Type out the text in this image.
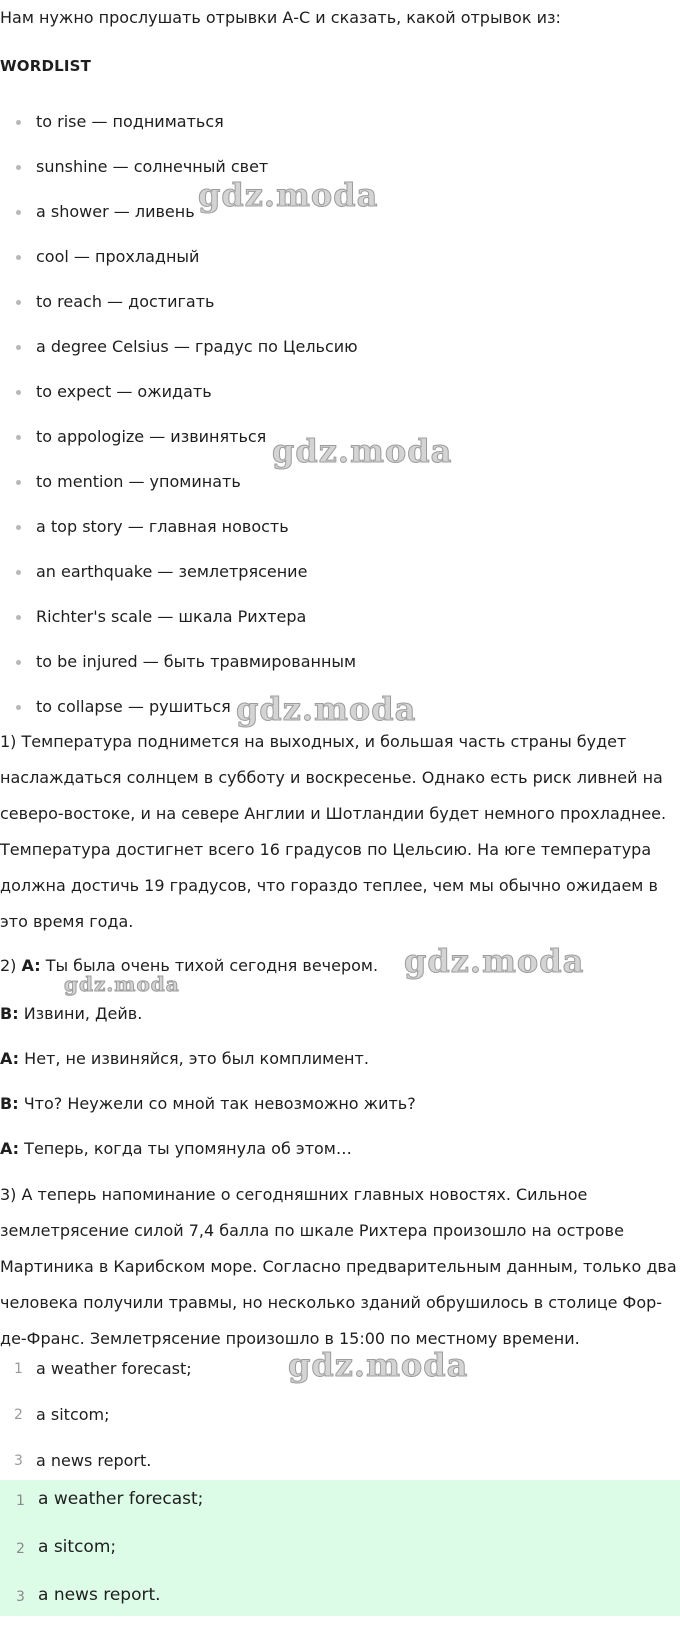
Нам нужно прослушать отрывки А-С и сказать, какой отрывок из:
WORDLIST
to rise — подниматься
sunshine — солнечный свет
a shower — ливень
cool — прохладный
to reach — достигать
a degree Celsius — градус по Цельсию
to expect — ожидать
to appologize — извиняться
to mention — упоминать
a top story — главная новость
an earthquake — землетрясение
Richter's scale — шкала Рихтера
to be injured — быть травмированным
to collapse — рушиться
1) Температура поднимется на выходных, и большая часть страны будет
наслаждаться солнцем в субботу и воскресенье. Однако есть риск ливней на
северо-востоке, и на севере Англии и Шотландии будет немного прохладнее.
Температура достигнет всего 16 градусов по Цельсию. На юге температура
должна достичь 19 градусов, что гораздо теплее, чем мы обычно ожидаем в
это время года.
2) A: Ты была очень тихой сегодня вечером.
B: Извини, Дейв.
A: Нет, не извиняйся, это был комплимент.
B: Что? Неужели со мной так невозможно жить?
A: Теперь, когда ты упомянула об этом…
3) А теперь напоминание о сегодняшних главных новостях. Сильное
землетрясение силой 7,4 балла по шкале Рихтера произошло на острове
Мартиника в Карибском море. Согласно предварительным данным, только два
человека получили травмы, но несколько зданий обрушилось в столице Фор-
де-Франс. Землетрясение произошло в 15:00 по местному времени.
1 a weather forecast;
2 a sitcom;
3 a news report.
1 a weather forecast;
2 a sitcom;
3 a news report.
gdz.moda
gdz.moda
gdz.moda
gdz.moda
gdz.moda
gdz.moda
